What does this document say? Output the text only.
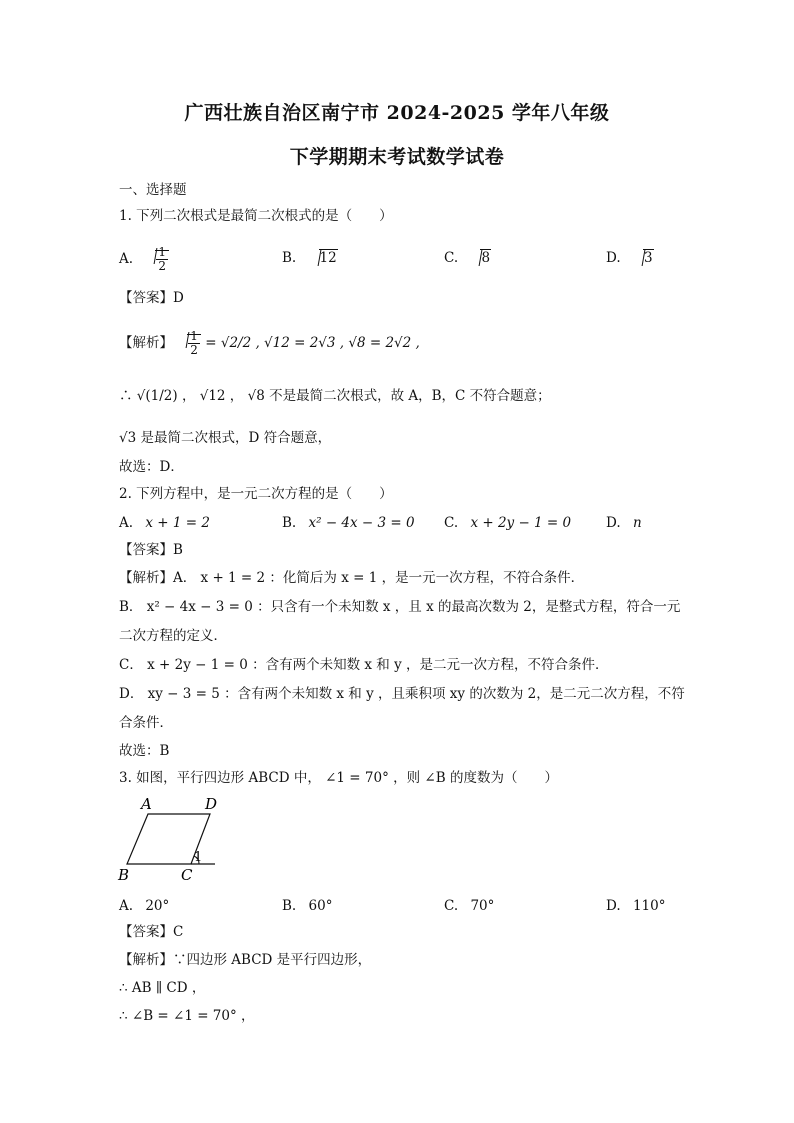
广西壮族自治区南宁市 2024-2025 学年八年级
下学期期末考试数学试卷
一、选择题
1. 下列二次根式是最简二次根式的是（　　）
A. $\frac{1}{2}$	B. 12	C. 8	D. 3
【答案】D
【解析】 $\frac{1}{2} = √2/2$ , √12 = 2√3 , √8 = 2√2 ,
∴ √(1/2) ， √12 ， √8 不是最简二次根式，故 A，B，C 不符合题意；
√3 是最简二次根式，D 符合题意，
故选：D．
2. 下列方程中，是一元二次方程的是（　　）
A. x + 1 = 2	B. x² − 4x − 3 = 0 C. x + 2y − 1 = 0	D. n
【答案】B
【解析】A． x + 1 = 2 ：化简后为 x = 1 ，是一元一次方程，不符合条件．
B． x² − 4x − 3 = 0 ：只含有一个未知数 x ，且 x 的最高次数为 2，是整式方程，符合一元
二次方程的定义．
C． x + 2y − 1 = 0 ：含有两个未知数 x 和 y ，是二元一次方程，不符合条件．
D． xy − 3 = 5 ：含有两个未知数 x 和 y ，且乘积项 xy 的次数为 2，是二元二次方程，不符
合条件．
故选：B
3. 如图，平行四边形 ABCD 中， ∠1 = 70° ，则 ∠B 的度数为（　　）
A	D
B	C
1
A. 20°	B. 60°	C. 70°	D. 110°
【答案】C
【解析】∵四边形 ABCD 是平行四边形，
∴ AB ∥ CD ，
∴ ∠B = ∠1 = 70° ，
